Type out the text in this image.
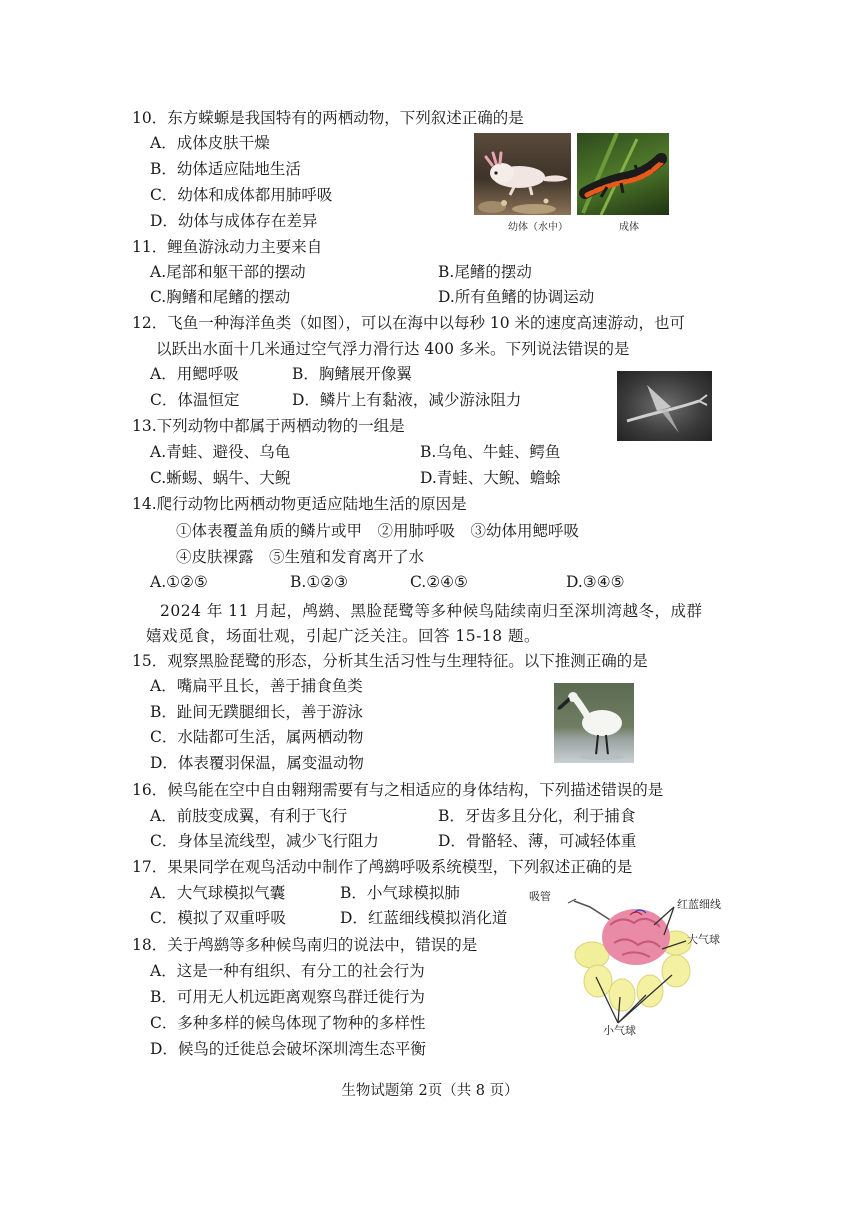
10．东方蝾螈是我国特有的两栖动物，下列叙述正确的是
A．成体皮肤干燥
B．幼体适应陆地生活
C．幼体和成体都用肺呼吸
D．幼体与成体存在差异	幼体（水中）	成体
11．鲤鱼游泳动力主要来自
A.尾部和躯干部的摆动	B.尾鳍的摆动
C.胸鳍和尾鳍的摆动	D.所有鱼鳍的协调运动
12．飞鱼一种海洋鱼类（如图），可以在海中以每秒 10 米的速度高速游动，也可
以跃出水面十几米通过空气浮力滑行达 400 多米。下列说法错误的是
A．用鳃呼吸	B．胸鳍展开像翼
C．体温恒定	D．鳞片上有黏液，减少游泳阻力
13.下列动物中都属于两栖动物的一组是
A.青蛙、避役、乌龟	B.乌龟、牛蛙、鳄鱼
C.蜥蜴、蜗牛、大鲵	D.青蛙、大鲵、蟾蜍
14.爬行动物比两栖动物更适应陆地生活的原因是
①体表覆盖角质的鳞片或甲　②用肺呼吸　③幼体用鳃呼吸
④皮肤裸露　⑤生殖和发育离开了水
A.①②⑤	B.①②③	C.②④⑤	D.③④⑤
2024 年 11 月起，鸬鹚、黑脸琵鹭等多种候鸟陆续南归至深圳湾越冬，成群
嬉戏觅食，场面壮观，引起广泛关注。回答 15-18 题。
15．观察黑脸琵鹭的形态，分析其生活习性与生理特征。以下推测正确的是
A．嘴扁平且长，善于捕食鱼类
B．趾间无蹼腿细长，善于游泳
C．水陆都可生活，属两栖动物
D．体表覆羽保温，属变温动物
16．候鸟能在空中自由翱翔需要有与之相适应的身体结构，下列描述错误的是
A．前肢变成翼，有利于飞行	B．牙齿多且分化，利于捕食
C．身体呈流线型，减少飞行阻力	D．骨骼轻、薄，可减轻体重
17．果果同学在观鸟活动中制作了鸬鹚呼吸系统模型，下列叙述正确的是
A．大气球模拟气囊	B．小气球模拟肺
C．模拟了双重呼吸	D．红蓝细线模拟消化道
吸管
红蓝细线
大气球
小气球
18．关于鸬鹚等多种候鸟南归的说法中，错误的是
A．这是一种有组织、有分工的社会行为
B．可用无人机远距离观察鸟群迁徙行为
C．多种多样的候鸟体现了物种的多样性
D．候鸟的迁徙总会破坏深圳湾生态平衡
生物试题第 2页（共 8 页）
